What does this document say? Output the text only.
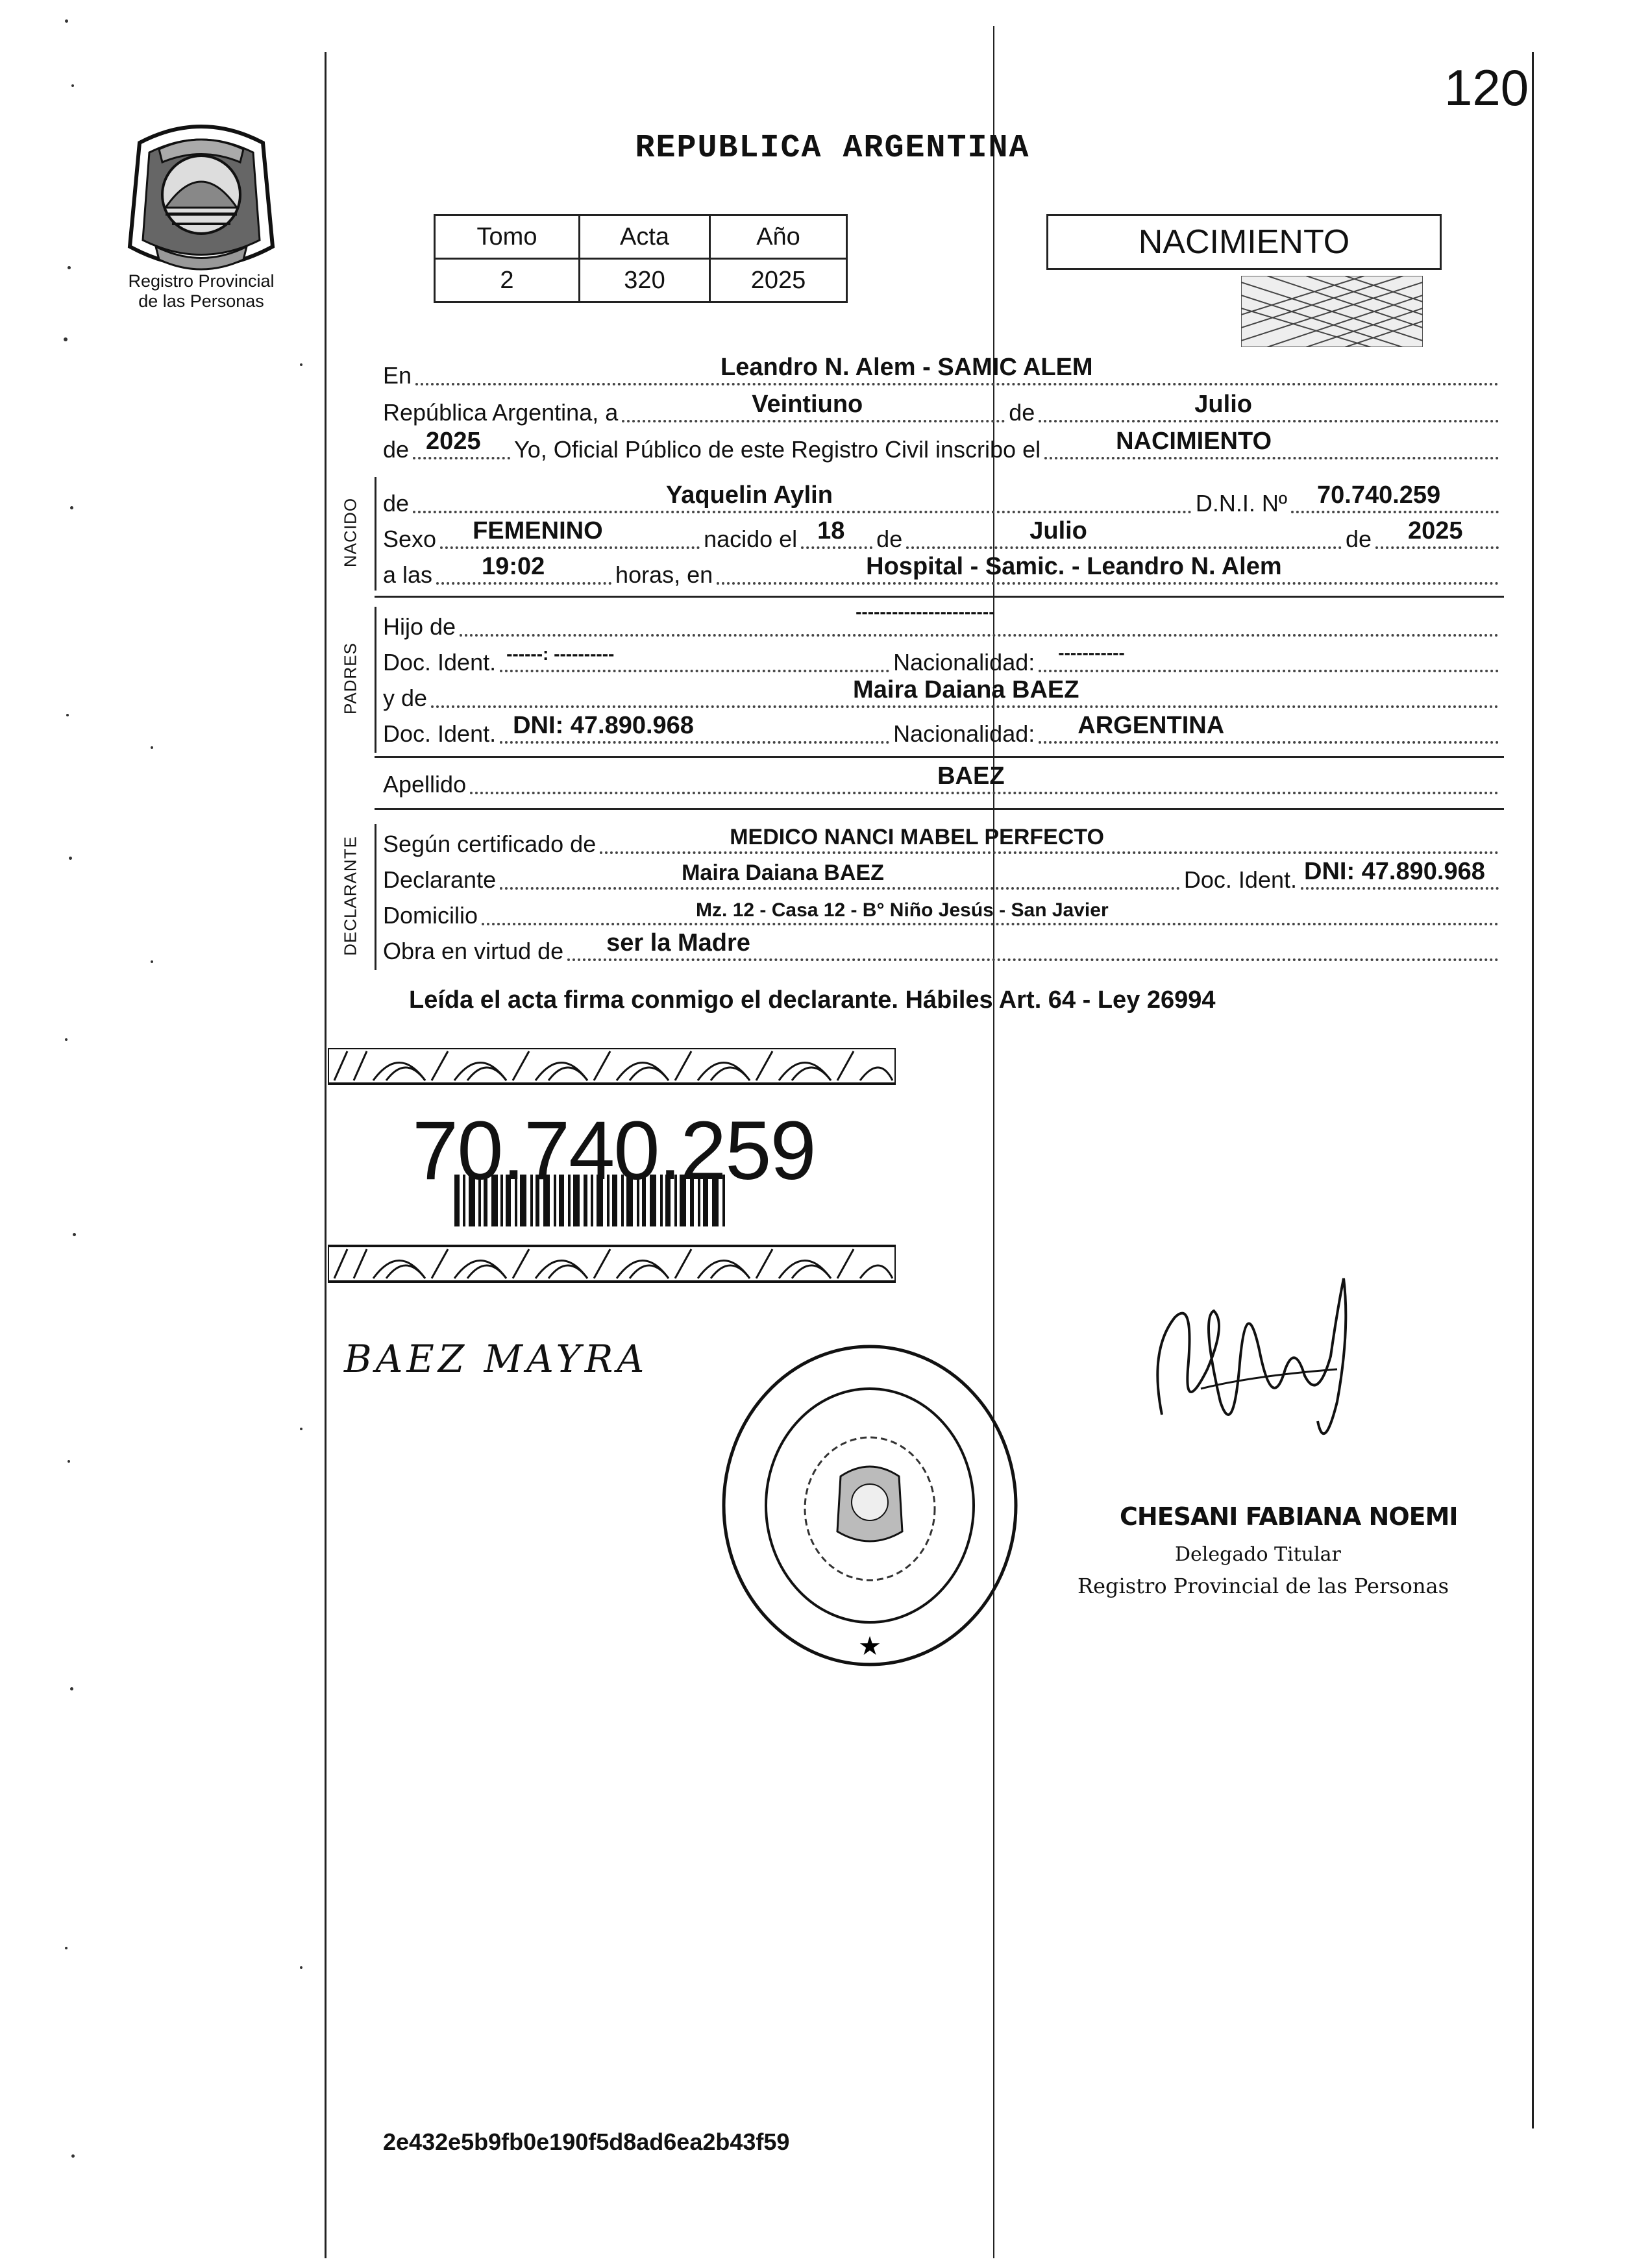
120
REPUBLICA ARGENTINA
Registro Provincial
de las Personas
Tomo	Acta	Año
2	320	2025
NACIMIENTO
En	Leandro N. Alem - SAMIC ALEM
República Argentina, a	Veintiuno	de	Julio
de 2025 Yo, Oficial Público de este Registro Civil inscribo el	NACIMIENTO
NACIDO de	Yaquelin Aylin	D.N.I. Nº 70.740.259
Sexo FEMENINO	nacido el 18 de	Julio	de 2025
a las 19:02	horas, en	Hospital - Samic. - Leandro N. Alem
PADRES
Hijo de
-----------------------
Doc. Ident. ------: ----------	Nacionalidad: -----------
y de	Maira Daiana BAEZ
Doc. Ident. DNI: 47.890.968	Nacionalidad: ARGENTINA
Apellido	BAEZ
DECLARANTE Según certificado de	MEDICO NANCI MABEL PERFECTO
Declarante	Maira Daiana BAEZ	Doc. Ident. DNI: 47.890.968
Domicilio	Mz. 12 - Casa 12 - B° Niño Jesús - San Javier
Obra en virtud de ser la Madre
Leída el acta firma conmigo el declarante. Hábiles Art. 64 - Ley 26994
70.740.259
BAEZ MAYRA
★
CHESANI FABIANA NOEMI
Delegado Titular
Registro Provincial de las Personas
2e432e5b9fb0e190f5d8ad6ea2b43f59
